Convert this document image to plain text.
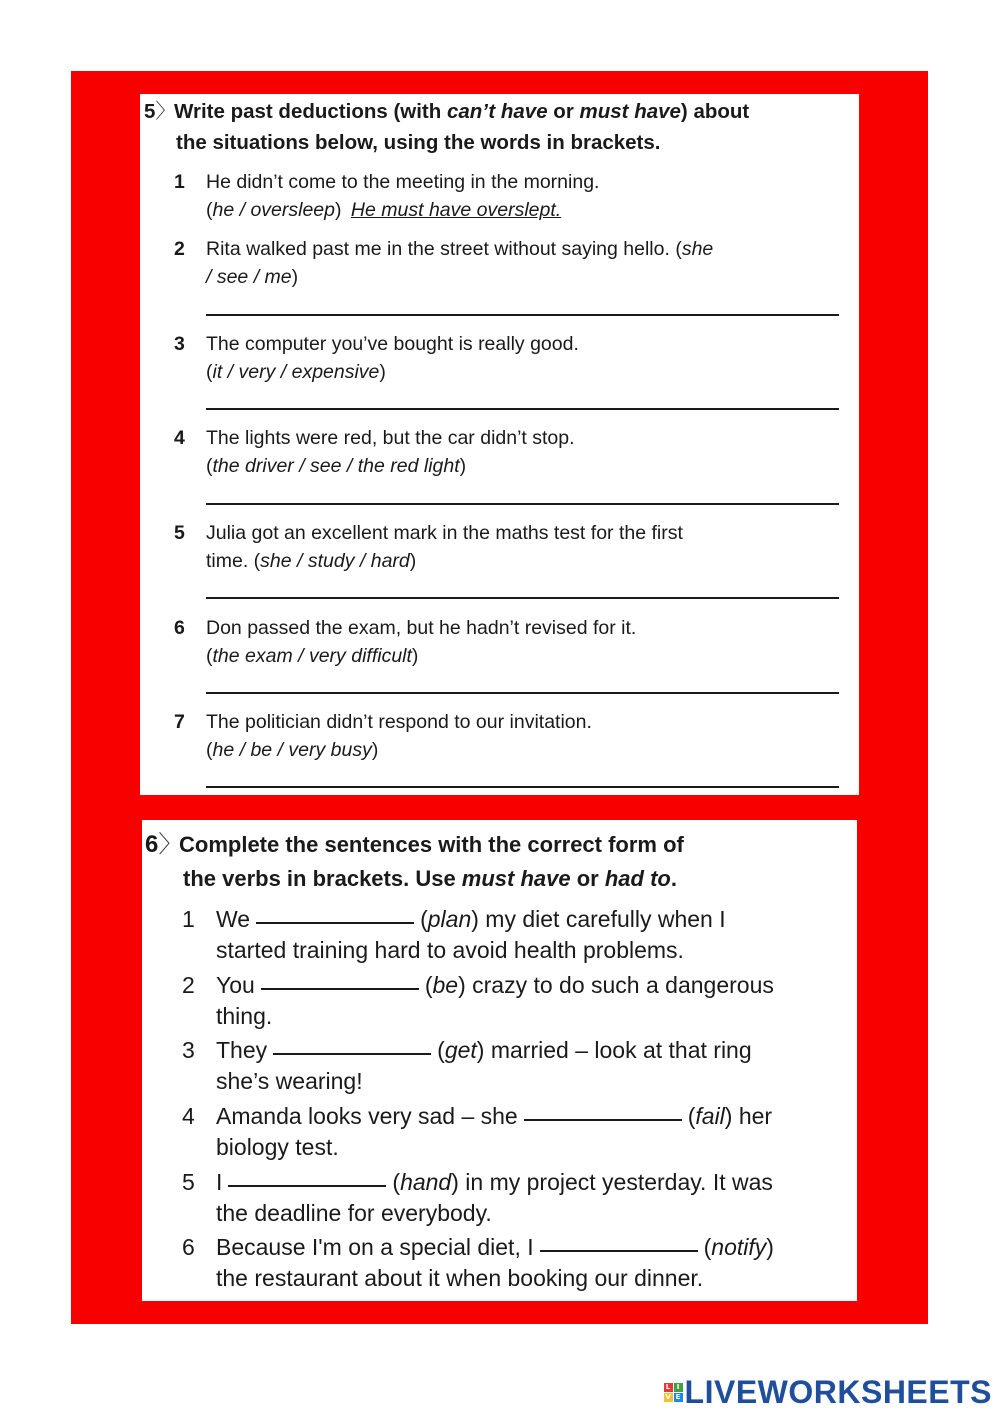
5〉Write past deductions (with can’t have or must have) about
the situations below, using the words in brackets.
1 He didn’t come to the meeting in the morning.
(he / oversleep) He must have overslept.
2 Rita walked past me in the street without saying hello. (she
/ see / me)
3 The computer you’ve bought is really good.
(it / very / expensive)
4 The lights were red, but the car didn’t stop.
(the driver / see / the red light)
5 Julia got an excellent mark in the maths test for the first
time. (she / study / hard)
6 Don passed the exam, but he hadn’t revised for it.
(the exam / very difficult)
7 The politician didn’t respond to our invitation.
(he / be / very busy)
6〉Complete the sentences with the correct form of
the verbs in brackets. Use must have or had to.
1 We	(plan) my diet carefully when I
started training hard to avoid health problems.
2 You	(be) crazy to do such a dangerous
thing.
3 They	(get) married – look at that ring
she’s wearing!
4 Amanda looks very sad – she	(fail) her
biology test.
5 I	(hand) in my project yesterday. It was
the deadline for everybody.
6 Because I'm on a special diet, I	(notify)
the restaurant about it when booking our dinner.
L I
V E LIVEWORKSHEETS
